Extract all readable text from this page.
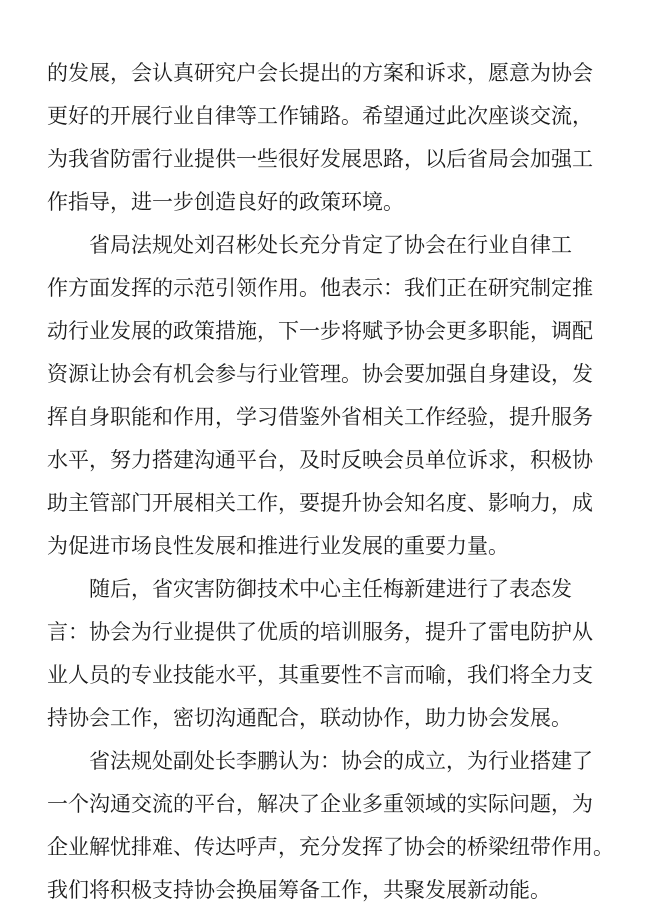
的发展，会认真研究户会长提出的方案和诉求，愿意为协会
更好的开展行业自律等工作铺路。希望通过此次座谈交流，
为我省防雷行业提供一些很好发展思路，以后省局会加强工
作指导，进一步创造良好的政策环境。
省局法规处刘召彬处长充分肯定了协会在行业自律工
作方面发挥的示范引领作用。他表示：我们正在研究制定推
动行业发展的政策措施，下一步将赋予协会更多职能，调配
资源让协会有机会参与行业管理。协会要加强自身建设，发
挥自身职能和作用，学习借鉴外省相关工作经验，提升服务
水平，努力搭建沟通平台，及时反映会员单位诉求，积极协
助主管部门开展相关工作，要提升协会知名度、影响力，成
为促进市场良性发展和推进行业发展的重要力量。
随后，省灾害防御技术中心主任梅新建进行了表态发
言：协会为行业提供了优质的培训服务，提升了雷电防护从
业人员的专业技能水平，其重要性不言而喻，我们将全力支
持协会工作，密切沟通配合，联动协作，助力协会发展。
省法规处副处长李鹏认为：协会的成立，为行业搭建了
一个沟通交流的平台，解决了企业多重领域的实际问题，为
企业解忧排难、传达呼声，充分发挥了协会的桥梁纽带作用。
我们将积极支持协会换届筹备工作，共聚发展新动能。
